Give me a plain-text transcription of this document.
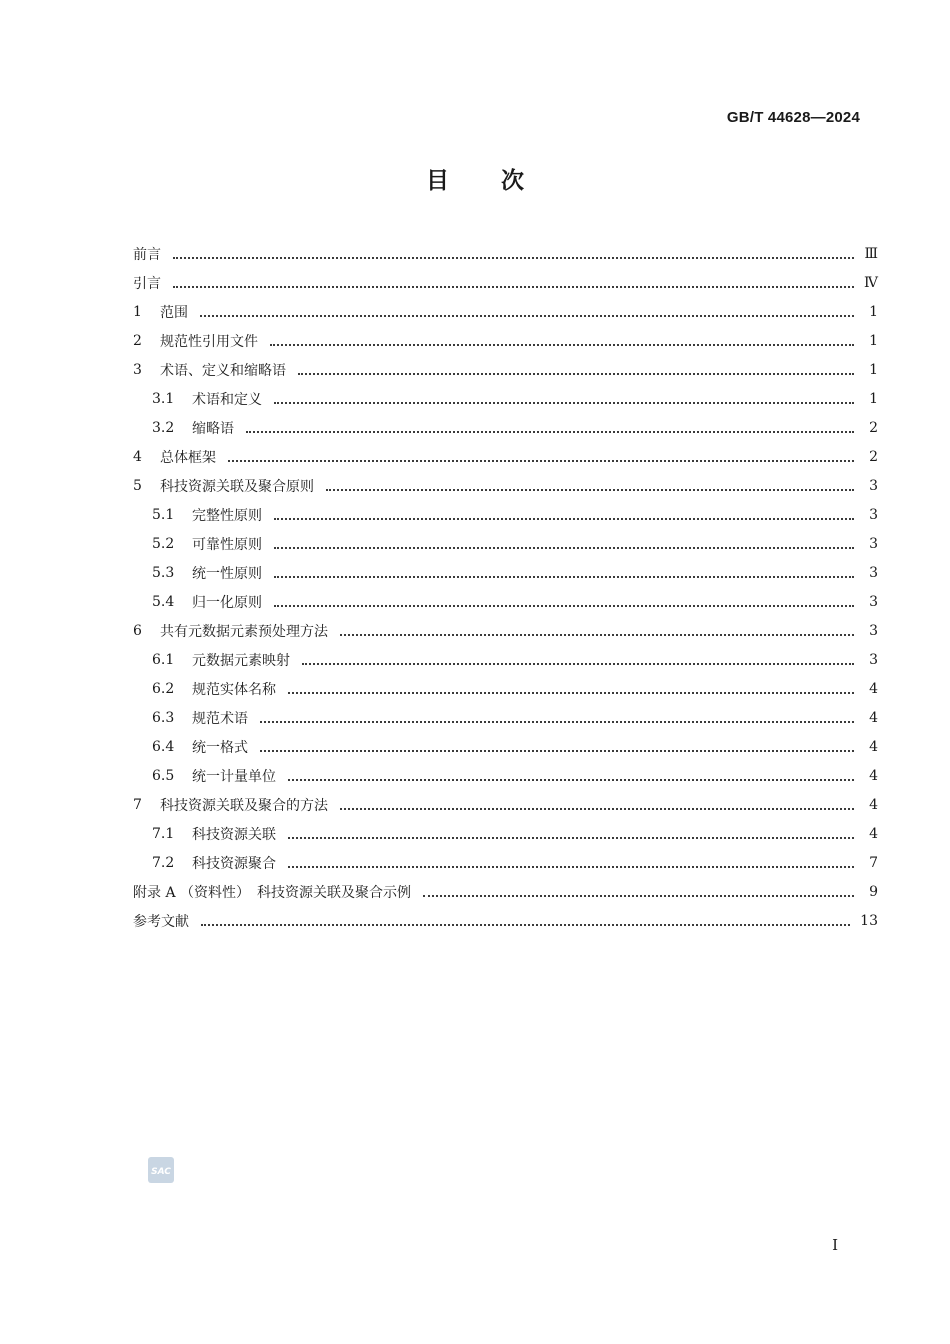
GB/T 44628—2024
目 次
前言	Ⅲ
引言	Ⅳ
1	范围	1
2	规范性引用文件	1
3	术语、定义和缩略语	1
3.1	术语和定义	1
3.2	缩略语	2
4	总体框架	2
5	科技资源关联及聚合原则	3
5.1	完整性原则	3
5.2	可靠性原则	3
5.3	统一性原则	3
5.4	归一化原则	3
6	共有元数据元素预处理方法	3
6.1	元数据元素映射	3
6.2	规范实体名称	4
6.3	规范术语	4
6.4	统一格式	4
6.5	统一计量单位	4
7	科技资源关联及聚合的方法	4
7.1	科技资源关联	4
7.2	科技资源聚合	7
附录 A （资料性）　科技资源关联及聚合示例	9
参考文献	13
SAC
I
